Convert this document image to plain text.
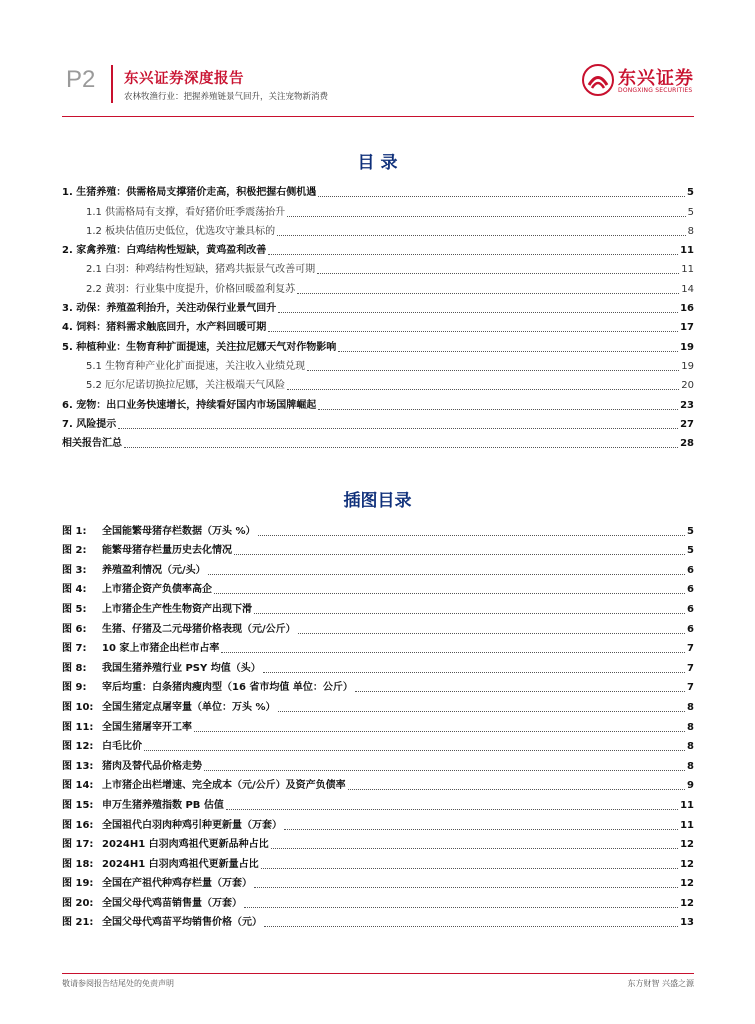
P2 东兴证券深度报告
农林牧渔行业：把握养殖链景气回升，关注宠物新消费
东兴证券
DONGXING SECURITIES
目 录
1. 生猪养殖：供需格局支撑猪价走高，积极把握右侧机遇	5
1.1 供需格局有支撑，看好猪价旺季震荡抬升	5
1.2 板块估值历史低位，优选攻守兼具标的	8
2. 家禽养殖：白鸡结构性短缺，黄鸡盈利改善	11
2.1 白羽：种鸡结构性短缺，猪鸡共振景气改善可期	11
2.2 黄羽：行业集中度提升，价格回暖盈利复苏	14
3. 动保：养殖盈利抬升，关注动保行业景气回升	16
4. 饲料：猪料需求触底回升，水产料回暖可期	17
5. 种植种业：生物育种扩面提速，关注拉尼娜天气对作物影响	19
5.1 生物育种产业化扩面提速，关注收入业绩兑现	19
5.2 厄尔尼诺切换拉尼娜，关注极端天气风险	20
6. 宠物：出口业务快速增长，持续看好国内市场国牌崛起	23
7. 风险提示	27
相关报告汇总	28
插图目录
图 1: 全国能繁母猪存栏数据（万头 %）	5
图 2: 能繁母猪存栏量历史去化情况	5
图 3: 养殖盈利情况（元/头）	6
图 4: 上市猪企资产负债率高企	6
图 5: 上市猪企生产性生物资产出现下滑	6
图 6: 生猪、仔猪及二元母猪价格表现（元/公斤）	6
图 7: 10 家上市猪企出栏市占率	7
图 8: 我国生猪养殖行业 PSY 均值（头）	7
图 9: 宰后均重：白条猪肉瘦肉型（16 省市均值 单位：公斤）	7
图 10: 全国生猪定点屠宰量（单位：万头 %）	8
图 11: 全国生猪屠宰开工率	8
图 12: 白毛比价	8
图 13: 猪肉及替代品价格走势	8
图 14: 上市猪企出栏增速、完全成本（元/公斤）及资产负债率	9
图 15: 申万生猪养殖指数 PB 估值	11
图 16: 全国祖代白羽肉种鸡引种更新量（万套）	11
图 17: 2024H1 白羽肉鸡祖代更新品种占比	12
图 18: 2024H1 白羽肉鸡祖代更新量占比	12
图 19: 全国在产祖代种鸡存栏量（万套）	12
图 20: 全国父母代鸡苗销售量（万套）	12
图 21: 全国父母代鸡苗平均销售价格（元）	13
敬请参阅报告结尾处的免责声明	东方财智 兴盛之源
